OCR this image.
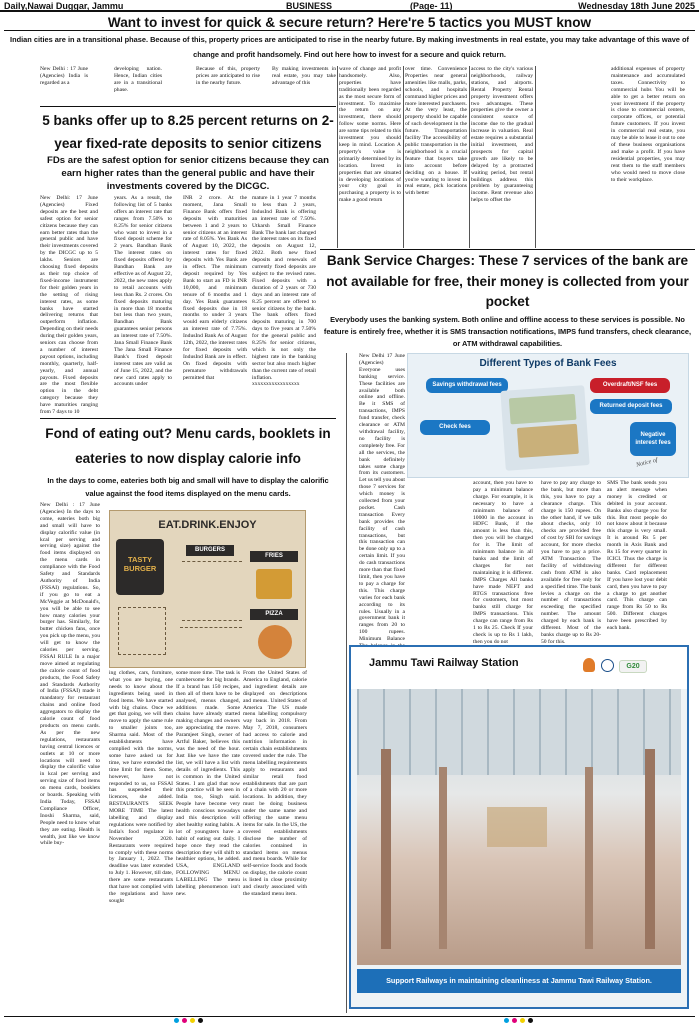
Daily,Nawai Duggar, Jammu	BUSINESS	(Page- 11)	Wednesday 18th June 2025
Want to invest for quick & secure return? Here're 5 tactics you MUST know
Indian cities are in a transitional phase. Because of this, property prices are anticipated to rise in the nearby future. By making investments in real estate, you may take advantage of this wave of change and profit handsomely. Find out here how to invest for a secure and quick return.
New Delhi : 17 June (Agencies) India is regarded as a
developing nation. Hence, Indian cities are in a transitional phase.
Because of this, property prices are anticipated to rise in the nearby future.
By making investments in real estate, you may take advantage of this
wave of change and profit handsomely. Also, properties have traditionally been regarded as the most secure form of investment. To maximise the return on any investment, there should follow some norms. Here are some tips related to this investment you should keep in mind. Location A property's value is primarily determined by its location. Invest in properties that are situated in developing locations of your city goal in purchasing a property is to make a good return
over time. Convenience Properties near general amenities like malls, parks, schools, and hospitals command higher prices and more interested purchasers. At the very least, the property should be capable of such development in the future. Transportation facility The accessibility of public transportation in the neighborhood is a crucial feature that buyers take into account before deciding on a house. If you're wanting to invest in real estate, pick locations with better
access to the city's various neighborhoods, railway stations, and airports. Rental Property Rental property investment offers two advantages. These properties give the owner a consistent source of income due to the gradual increase in valuation. Real estate requires a substantial initial investment, and prospects for capital growth are likely to be delayed by a protracted waiting period, but rental buildings address this problem by guaranteeing income. Rent revenue also helps to offset the
additional expenses of property maintenance and accumulated taxes. Connectivity to commercial hubs You will be able to get a better return on your investment if the property is close to commercial centers, corporate offices, or potential future customers. If you invest in commercial real estate, you may be able to lease it out to one of these business organisations and make a profit. If you have residential properties, you may rent them to the staff members who would need to move close to their workplace.
5 banks offer up to 8.25 percent returns on 2-year fixed-rate deposits to senior citizens
FDs are the safest option for senior citizens because they can earn higher rates than the general public and have their investments covered by the DICGC.
New Delhi: 17 June (Agencies) Fixed deposits are the best and safest option for senior citizens because they can earn better rates than the general public and have their investments covered by the DICGC up to 5 lakhs. Seniors are choosing fixed deposits as their top choice of fixed-income instrument for their golden years in the setting of rising interest rates, as some banks have started delivering returns that outperform inflation. Depending on their needs during their golden years, seniors can choose from a number of interest payout options, including monthly, quarterly, half-yearly, and annual payouts. Fixed deposits are the most flexible option in the debt category because they have maturities ranging from 7 days to 10
years. As a result, the following list of 5 banks offers an interest rate that ranges from 7.50% to 8.25% for senior citizens who want to invest in a fixed deposit scheme for 2 years. Bandhan Bank The interest rates on fixed deposits offered by Bandhan Bank are effective as of August 22, 2022, the new rates apply to retail accounts with less than Rs. 2 crores. On fixed deposits maturing in more than 18 months but less than two years, Bandhan Bank guarantees senior persons an interest rate of 7.50%. Jana Small Finance Bank The Jana Small Finance Bank's fixed deposit interest rates are valid as of June 15, 2022, and the new card rates apply to accounts under
INR 2 crore. At the moment, Jana Small Finance Bank offers fixed deposits with maturities between 1 and 2 years to senior citizens at an interest rate of 8.05%. Yes Bank As of August 10, 2022, the interest rates for fixed deposits with Yes Bank are in effect. The minimum deposit required by Yes Bank to start an FD is INR 10,000, and minimum tenure of 6 months and 1 day. Yes Bank guarantees fixed deposits due in 18 months to under 3 years would earn elderly citizens an interest rate of 7.75%. IndusInd Bank As of August 12th, 2022, the interest rates for fixed deposits with IndusInd Bank are in effect. On fixed deposits with premature withdrawals permitted that
mature in 1 year 7 months to less than 2 years, IndusInd Bank is offering an interest rate of 7.50%. Utkarsh Small Finance Bank The bank last changed the interest rates on its fixed deposits on August 12, 2022. Both new fixed deposits and renewals of currently fixed deposits are subject to the revised rates. Fixed deposits with a duration of 2 years or 730 days and an interest rate of 8.25 percent are offered to senior citizens by the bank. The bank offers fixed deposits maturing in 700 days to five years at 7.50% for the general public and 8.25% for senior citizens, which is not only the highest rate in the banking sector but also much higher than the current rate of retail inflation. xxxxxxxxxxxxxxxxx
Bank Service Charges: These 7 services of the bank are not available for free, their money is collected from your pocket
Everybody uses the banking system. Both online and offline access to these services is possible. No feature is entirely free, whether it is SMS transaction notifications, IMPS fund transfers, check clearance, or ATM withdrawal capabilities.
Different Types of Bank Fees
Savings withdrawal fees	Overdraft/NSF fees
Returned deposit fees
Check fees
Negative interest fees
Notice of
New Delhi 17 June (Agencies) Everyone uses banking service. These facilities are available both online and offline. Be it SMS of transactions, IMPS fund transfer, check clearance or ATM withdrawal facility, no facility is completely free. For all the services, the bank definitely takes some charge from its customers. Let us tell you about those 7 services for which money is collected from your pocket. Cash transaction Every bank provides the facility of cash transactions, but this transaction can be done only up to a certain limit. If you do cash transactions more than that fixed limit, then you have to pay a charge for this. This charge varies for each bank according to its rules. Usually in a government bank it ranges from 20 to 100 rupees. Minimum Balance
account, then you have to pay a minimum balance charge. For example, it is necessary to have a minimum balance of 10000 in the account in HDFC Bank, if the amount is less than this, then you will be charged for it. The limit of minimum balance in all banks and the limit of charges for not maintaining it is different. IMPS Charges All banks have made NEFT and RTGS transactions free for customers, but most banks still charge for IMPS transactions. This charge can range from Rs 1 to Rs 25. Check If your check is up to Rs 1 lakh, then you do not
have to pay any charge to the bank, but more than this, you have to pay a clearance charge. This charge is 150 rupees. On the other hand, if we talk about checks, only 10 checks are provided free of cost by SBI for savings account, for more checks you have to pay a price. ATM Transaction The facility of withdrawing cash from ATM is also available for free only for a specified time. The bank levies a charge on the number of transactions exceeding the specified number. The amount charged by each bank is different. Most of the banks charge up to Rs 20-50 for this.
SMS The bank sends you an alert message when money is credited or debited in your account. Banks also charge you for this. But most people do not know about it because this charge is very small. It is around Rs 5 per month in Axis Bank and Rs 15 for every quarter in ICICI. Thus the charge is different for different banks. Card replacement If you have lost your debit card, then you have to pay a charge to get another card. This charge can range from Rs 50 to Rs 500. Different charges have been prescribed by each bank.
Fond of eating out? Menu cards, booklets in eateries to now display calorie info
In the days to come, eateries both big and small will have to display the calorific value against the food items displayed on the menu cards.
EAT.DRINK.ENJOY
TASTY BURGER
BURGERS
FRIES
PIZZA
New Delhi : 17 June (Agencies) In the days to come, eateries both big and small will have to display calorific value (in kcal per serving and serving size) against the food items displayed on the menu cards in compliance with the Food Safety and Standards Authority of India (FSSAI) regulations. So, if you go to eat a McVeggie at McDonald's, you will be able to see how many calories your burger has. Similarly, for butter chicken fans, once you pick up the menu, you will get to know the calories per serving. FSSAI RULE In a major move aimed at regulating the calorie count of food products, the Food Safety and Standards Authority of India (FSSAI) made it mandatory for restaurant chains and online food aggregators to display the calorie count of food products on menu cards. As per the new regulations, restaurants having central licences or outlets at 10 or more locations will need to display the calorific value in kcal per serving and serving size of food items on menu cards, booklets or boards. Speaking with India Today, FSSAI Compliance Officer, Inoshi Sharma, said, People need to know what they are eating. Health is wealth, just like we know while buy-
ing clothes, cars, furniture, what you are buying, one needs to know about the ingredients being used in food items. We have started with big chains. Once we get that going, we will then move to apply the same rule to smaller joints too, Sharma said. Most of the establishments have complied with the norms, some have asked us for time, we have extended the time limit for them. Some, however, have not responded to us, so FSSAI has suspended their licences, she added. RESTAURANTS SEEK MORE TIME The latest labelling and display regulations were notified by India's food regulator in November 2020. Restaurants were required to comply with these norms by January 1, 2022. The deadline was later extended to July 1. However, till date, there are some restaurants that have not complied with the regulations and have sought
some more time. The task is cumbersome for big brands. If a brand has 150 recipes, then all of them have to be analysed, menus changed, additions made. Some chains have already started making changes and owners are appreciating the move. Paramjeet Singh, owner of Artful Baker, believes this was the need of the hour. Just like we have the rate list, we will have a list with details of ingredients. This is common in the United States. I am glad that now this practice will be seen in India too, Singh said. People have become very health conscious nowadays and this description will abet healthy eating habits. A lot of youngsters have a habit of eating out daily. I hope once they read the description they will shift to healthier options, he added. USA, ENGLAND FOLLOWING MENU LABELLING The menu labelling phenomenon isn't new.
From the United States of America to England, calorie and ingredient details are displayed on descriptions and menus. United States of America The US made menu labelling compulsory way back in 2018. From May 7, 2018, consumers had access to calorie and nutrition information in certain chain establishments covered under the rule. The menu labelling requirements apply to restaurants and similar retail food establishments that are part of a chain with 20 or more locations. In addition, they must be doing business under the same name and offering the same menu items for sale. In the US, the covered establishments disclose the number of calories contained in standard items on menus and menu boards. While for self-service foods and foods on display, the calorie count is listed in close proximity and clearly associated with the standard menu item.
Jammu Tawi Railway Station	G20
Support Railways in maintaining cleanliness at Jammu Tawi Railway Station.
